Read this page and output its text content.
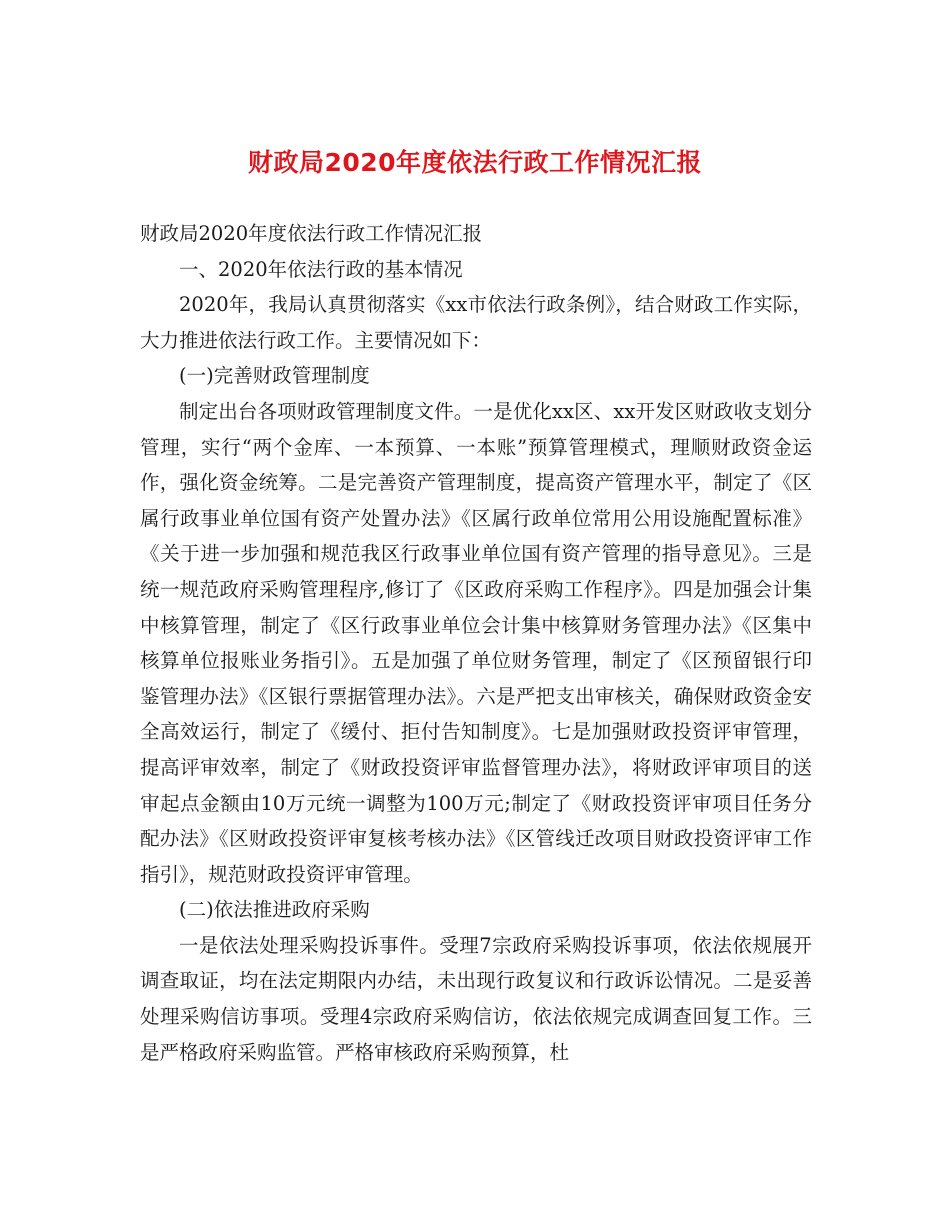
财政局2020年度依法行政工作情况汇报

财政局2020年度依法行政工作情况汇报

一、2020年依法行政的基本情况

2020年，我局认真贯彻落实《xx市依法行政条例》，结合财政工作实际，大力推进依法行政工作。主要情况如下：

(一)完善财政管理制度

制定出台各项财政管理制度文件。一是优化xx区、xx开发区财政收支划分管理，实行“两个金库、一本预算、一本账”预算管理模式，理顺财政资金运作，强化资金统筹。二是完善资产管理制度，提高资产管理水平，制定了《区属行政事业单位国有资产处置办法》《区属行政单位常用公用设施配置标准》《关于进一步加强和规范我区行政事业单位国有资产管理的指导意见》。三是统一规范政府采购管理程序,修订了《区政府采购工作程序》。四是加强会计集中核算管理，制定了《区行政事业单位会计集中核算财务管理办法》《区集中核算单位报账业务指引》。五是加强了单位财务管理，制定了《区预留银行印鉴管理办法》《区银行票据管理办法》。六是严把支出审核关，确保财政资金安全高效运行，制定了《缓付、拒付告知制度》。七是加强财政投资评审管理，提高评审效率，制定了《财政投资评审监督管理办法》，将财政评审项目的送审起点金额由10万元统一调整为100万元;制定了《财政投资评审项目任务分配办法》《区财政投资评审复核考核办法》《区管线迁改项目财政投资评审工作指引》，规范财政投资评审管理。

(二)依法推进政府采购

一是依法处理采购投诉事件。受理7宗政府采购投诉事项，依法依规展开调查取证，均在法定期限内办结，未出现行政复议和行政诉讼情况。二是妥善处理采购信访事项。受理4宗政府采购信访，依法依规完成调查回复工作。三是严格政府采购监管。严格审核政府采购预算，杜
